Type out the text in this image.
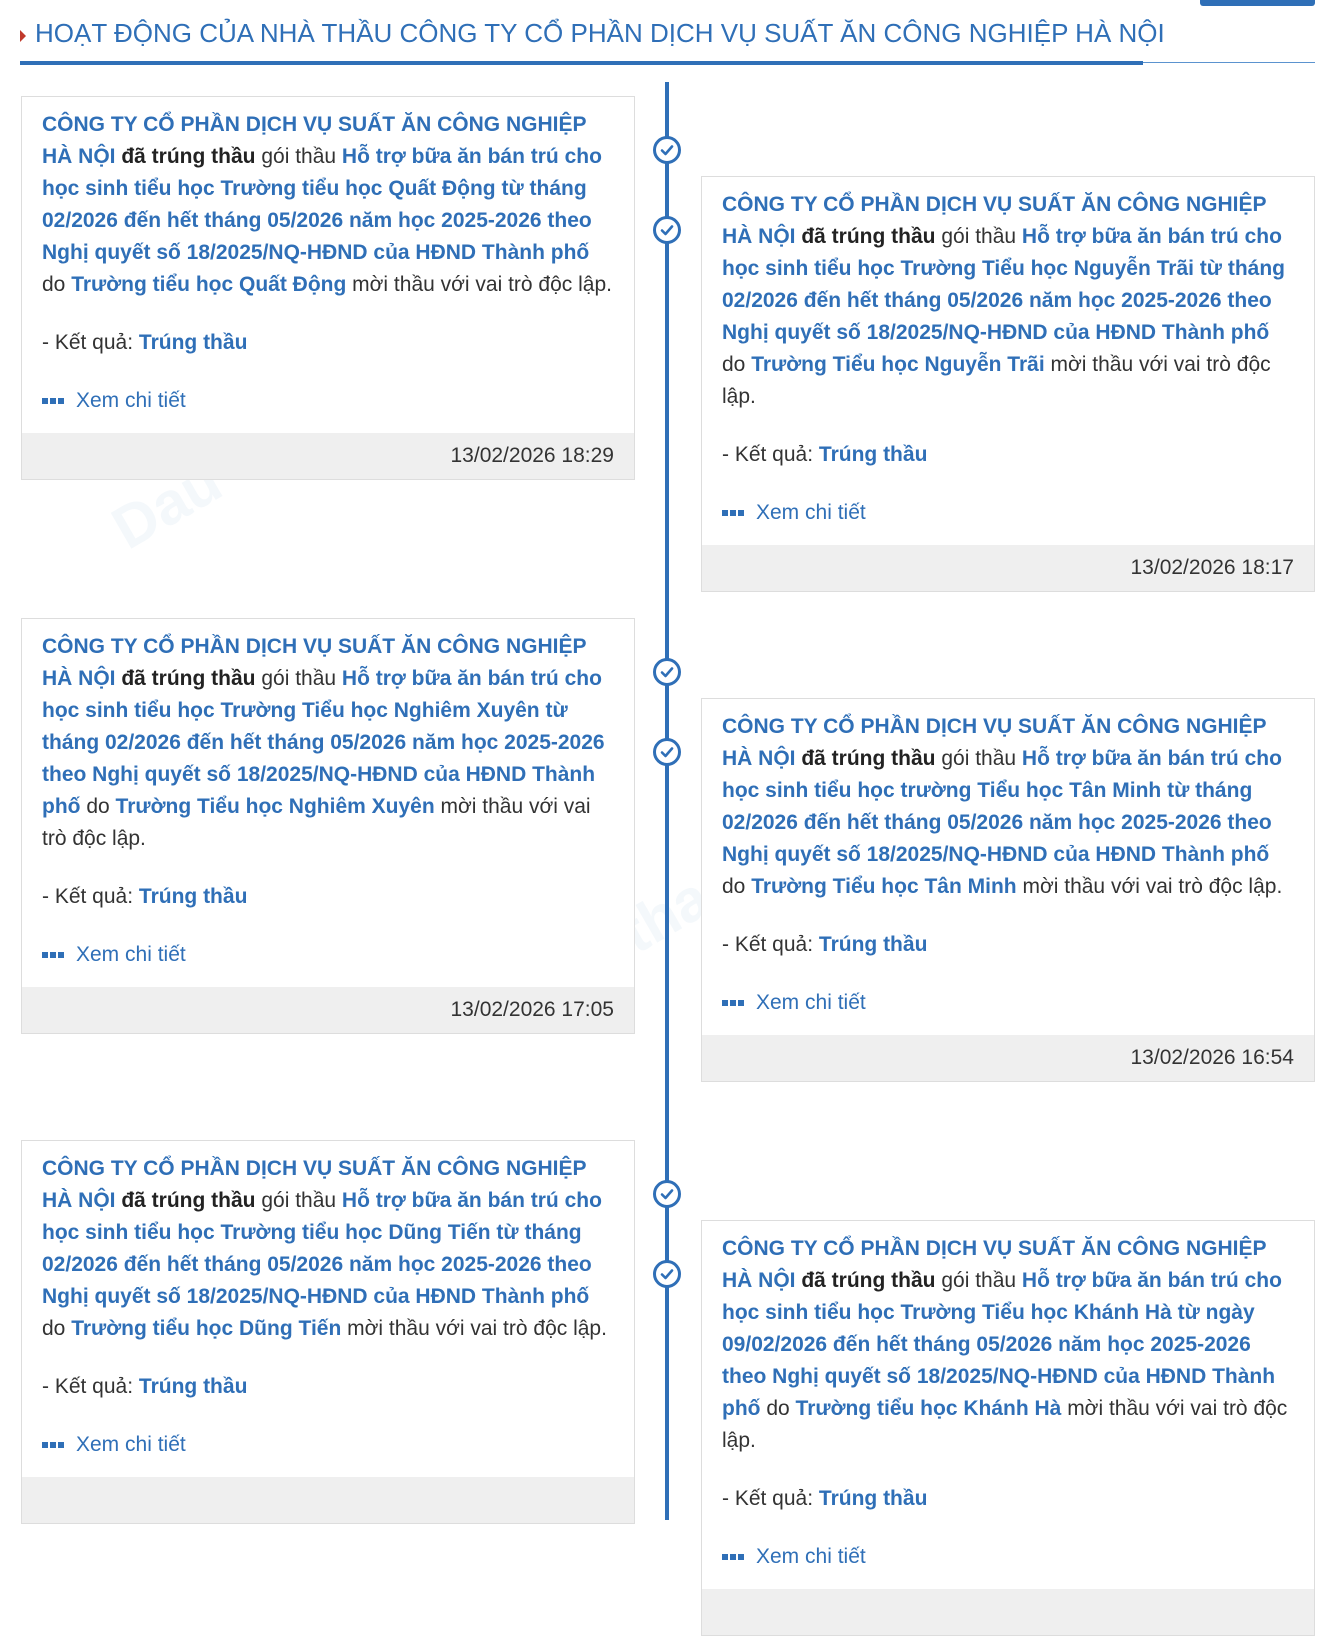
HOẠT ĐỘNG CỦA NHÀ THẦU CÔNG TY CỔ PHẦN DỊCH VỤ SUẤT ĂN CÔNG NGHIỆP HÀ NỘI
Dau
tha

CÔNG TY CỔ PHẦN DỊCH VỤ SUẤT ĂN CÔNG NGHIỆP HÀ NỘI đã trúng thầu gói thầu Hỗ trợ bữa ăn bán trú cho học sinh tiểu học Trường tiểu học Quất Động từ tháng 02/2026 đến hết tháng 05/2026 năm học 2025-2026 theo Nghị quyết số 18/2025/NQ-HĐND của HĐND Thành phố do Trường tiểu học Quất Động mời thầu với vai trò độc lập.

- Kết quả: Trúng thầu

Xem chi tiết
13/02/2026 18:29

CÔNG TY CỔ PHẦN DỊCH VỤ SUẤT ĂN CÔNG NGHIỆP HÀ NỘI đã trúng thầu gói thầu Hỗ trợ bữa ăn bán trú cho học sinh tiểu học Trường Tiểu học Nguyễn Trãi từ tháng 02/2026 đến hết tháng 05/2026 năm học 2025-2026 theo Nghị quyết số 18/2025/NQ-HĐND của HĐND Thành phố do Trường Tiểu học Nguyễn Trãi mời thầu với vai trò độc lập.

- Kết quả: Trúng thầu

Xem chi tiết
13/02/2026 18:17

CÔNG TY CỔ PHẦN DỊCH VỤ SUẤT ĂN CÔNG NGHIỆP HÀ NỘI đã trúng thầu gói thầu Hỗ trợ bữa ăn bán trú cho học sinh tiểu học Trường Tiểu học Nghiêm Xuyên từ tháng 02/2026 đến hết tháng 05/2026 năm học 2025-2026 theo Nghị quyết số 18/2025/NQ-HĐND của HĐND Thành phố do Trường Tiểu học Nghiêm Xuyên mời thầu với vai trò độc lập.

- Kết quả: Trúng thầu

Xem chi tiết
13/02/2026 17:05

CÔNG TY CỔ PHẦN DỊCH VỤ SUẤT ĂN CÔNG NGHIỆP HÀ NỘI đã trúng thầu gói thầu Hỗ trợ bữa ăn bán trú cho học sinh tiểu học trường Tiểu học Tân Minh từ tháng 02/2026 đến hết tháng 05/2026 năm học 2025-2026 theo Nghị quyết số 18/2025/NQ-HĐND của HĐND Thành phố do Trường Tiểu học Tân Minh mời thầu với vai trò độc lập.

- Kết quả: Trúng thầu

Xem chi tiết
13/02/2026 16:54

CÔNG TY CỔ PHẦN DỊCH VỤ SUẤT ĂN CÔNG NGHIỆP HÀ NỘI đã trúng thầu gói thầu Hỗ trợ bữa ăn bán trú cho học sinh tiểu học Trường tiểu học Dũng Tiến từ tháng 02/2026 đến hết tháng 05/2026 năm học 2025-2026 theo Nghị quyết số 18/2025/NQ-HĐND của HĐND Thành phố do Trường tiểu học Dũng Tiến mời thầu với vai trò độc lập.

- Kết quả: Trúng thầu

Xem chi tiết

CÔNG TY CỔ PHẦN DỊCH VỤ SUẤT ĂN CÔNG NGHIỆP HÀ NỘI đã trúng thầu gói thầu Hỗ trợ bữa ăn bán trú cho học sinh tiểu học Trường Tiểu học Khánh Hà từ ngày 09/02/2026 đến hết tháng 05/2026 năm học 2025-2026 theo Nghị quyết số 18/2025/NQ-HĐND của HĐND Thành phố do Trường tiểu học Khánh Hà mời thầu với vai trò độc lập.

- Kết quả: Trúng thầu

Xem chi tiết
